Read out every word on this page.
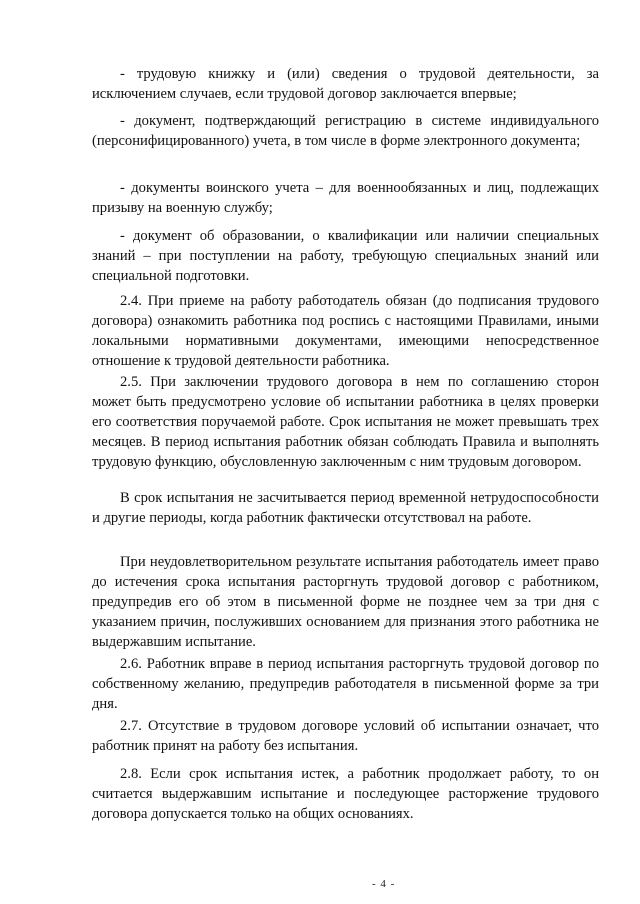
- трудовую книжку и (или) сведения о трудовой деятельности, за исключением случаев, если трудовой договор заключается впервые;

- документ, подтверждающий регистрацию в системе индивидуального (персонифицированного) учета, в том числе в форме электронного документа;

- документы воинского учета – для военнообязанных и лиц, подлежащих призыву на военную службу;

- документ об образовании, о квалификации или наличии специальных знаний – при поступлении на работу, требующую специальных знаний или специальной подготовки.

2.4. При приеме на работу работодатель обязан (до подписания трудового договора) ознакомить работника под роспись с настоящими Правилами, иными локальными нормативными документами, имеющими непосредственное отношение к трудовой деятельности работника.

2.5. При заключении трудового договора в нем по соглашению сторон может быть предусмотрено условие об испытании работника в целях проверки его соответствия поручаемой работе. Срок испытания не может превышать трех месяцев. В период испытания работник обязан соблюдать Правила и выполнять трудовую функцию, обусловленную заключенным с ним трудовым договором.

В срок испытания не засчитывается период временной нетрудоспособности и другие периоды, когда работник фактически отсутствовал на работе.

При неудовлетворительном результате испытания работодатель имеет право до истечения срока испытания расторгнуть трудовой договор с работником, предупредив его об этом в письменной форме не позднее чем за три дня с указанием причин, послуживших основанием для признания этого работника не выдержавшим испытание.

2.6. Работник вправе в период испытания расторгнуть трудовой договор по собственному желанию, предупредив работодателя в письменной форме за три дня.

2.7. Отсутствие в трудовом договоре условий об испытании означает, что работник принят на работу без испытания.

2.8. Если срок испытания истек, а работник продолжает работу, то он считается выдержавшим испытание и последующее расторжение трудового договора допускается только на общих основаниях.

- 4 -
